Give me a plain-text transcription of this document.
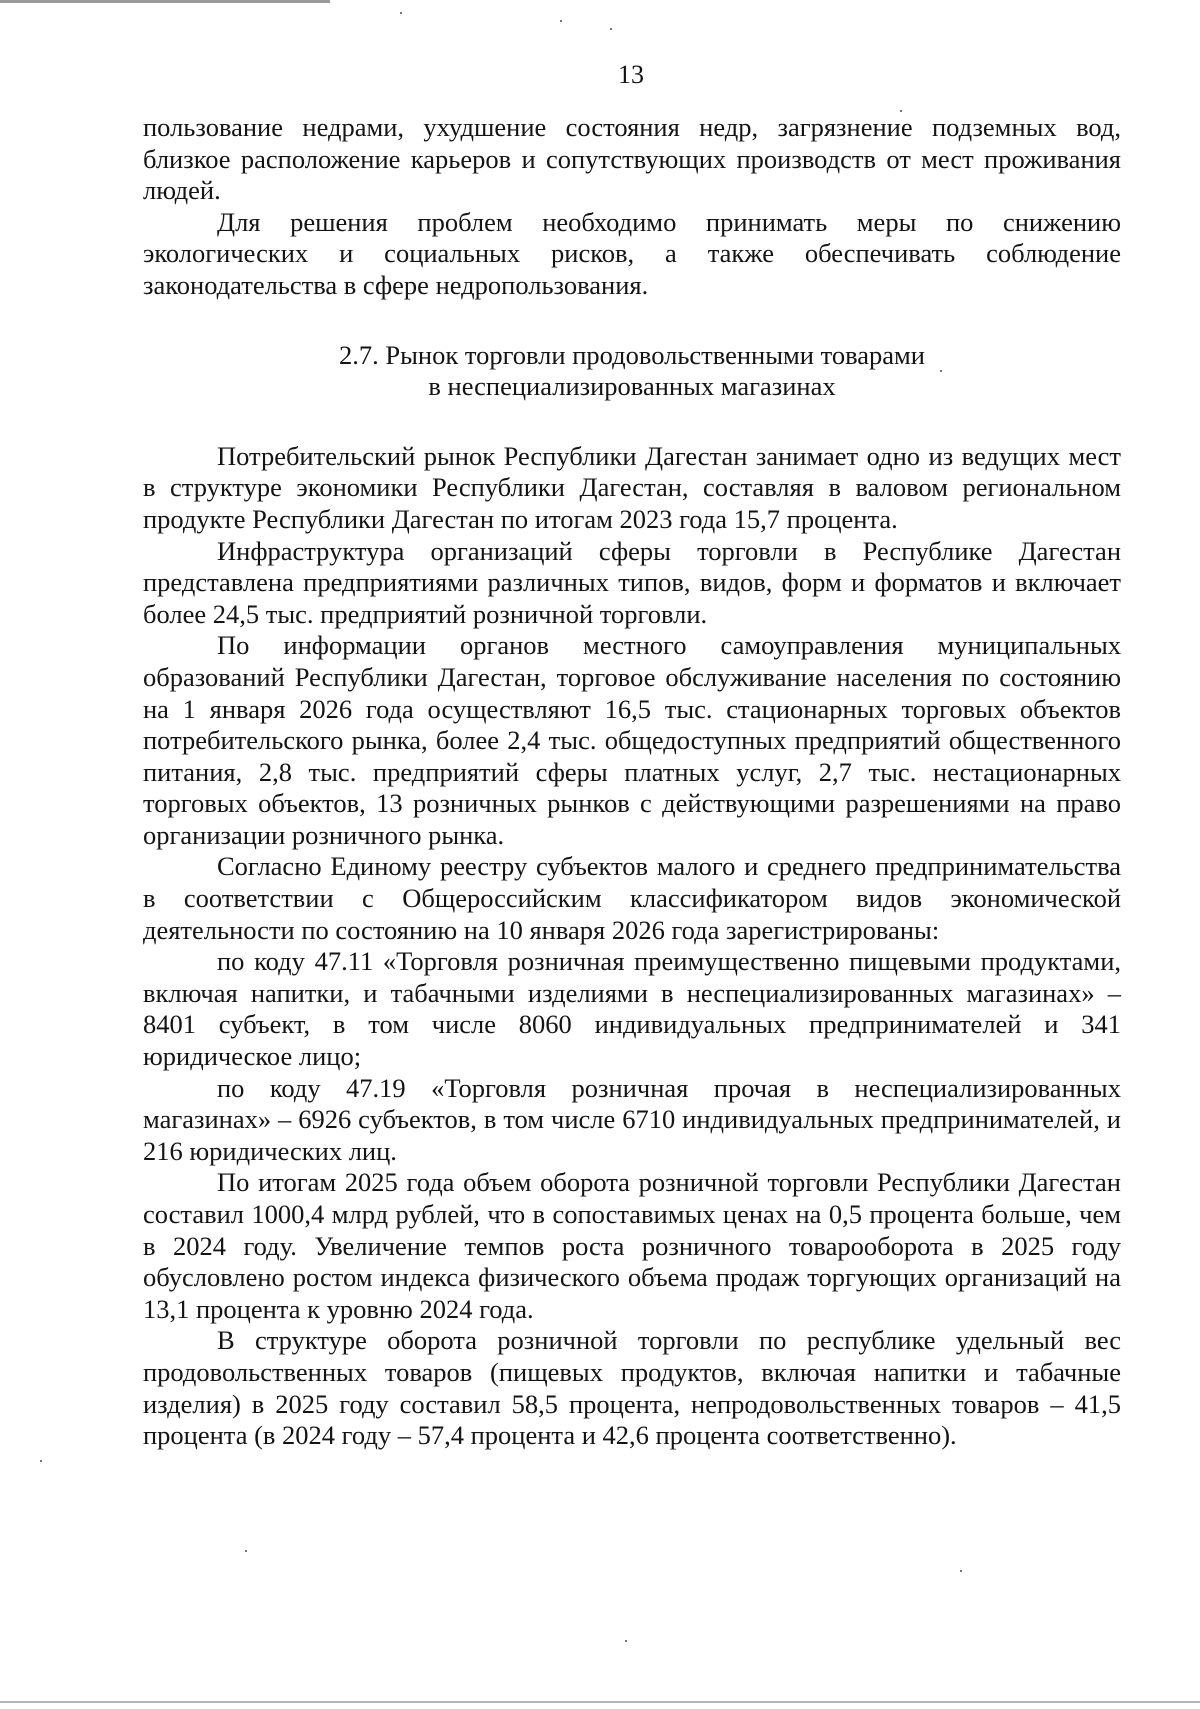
13

пользование недрами, ухудшение состояния недр, загрязнение подземных вод, близкое расположение карьеров и сопутствующих производств от мест проживания людей.

Для решения проблем необходимо принимать меры по снижению экологических и социальных рисков, а также обеспечивать соблюдение законодательства в сфере недропользования.

2.7. Рынок торговли продовольственными товарами
в неспециализированных магазинах

Потребительский рынок Республики Дагестан занимает одно из ведущих мест в структуре экономики Республики Дагестан, составляя в валовом региональном продукте Республики Дагестан по итогам 2023 года 15,7 процента.

Инфраструктура организаций сферы торговли в Республике Дагестан представлена предприятиями различных типов, видов, форм и форматов и включает более 24,5 тыс. предприятий розничной торговли.

По информации органов местного самоуправления муниципальных образований Республики Дагестан, торговое обслуживание населения по состоянию на 1 января 2026 года осуществляют 16,5 тыс. стационарных торговых объектов потребительского рынка, более 2,4 тыс. общедоступных предприятий общественного питания, 2,8 тыс. предприятий сферы платных услуг, 2,7 тыс. нестационарных торговых объектов, 13 розничных рынков с действующими разрешениями на право организации розничного рынка.

Согласно Единому реестру субъектов малого и среднего предпринимательства в соответствии с Общероссийским классификатором видов экономической деятельности по состоянию на 10 января 2026 года зарегистрированы:

по коду 47.11 «Торговля розничная преимущественно пищевыми продуктами, включая напитки, и табачными изделиями в неспециализированных магазинах» – 8401 субъект, в том числе 8060 индивидуальных предпринимателей и 341 юридическое лицо;

по коду 47.19 «Торговля розничная прочая в неспециализированных магазинах» – 6926 субъектов, в том числе 6710 индивидуальных предпринимателей, и 216 юридических лиц.

По итогам 2025 года объем оборота розничной торговли Республики Дагестан составил 1000,4 млрд рублей, что в сопоставимых ценах на 0,5 процента больше, чем в 2024 году. Увеличение темпов роста розничного товарооборота в 2025 году обусловлено ростом индекса физического объема продаж торгующих организаций на 13,1 процента к уровню 2024 года.

В структуре оборота розничной торговли по республике удельный вес продовольственных товаров (пищевых продуктов, включая напитки и табачные изделия) в 2025 году составил 58,5 процента, непродовольственных товаров – 41,5 процента (в 2024 году – 57,4 процента и 42,6 процента соответственно).
